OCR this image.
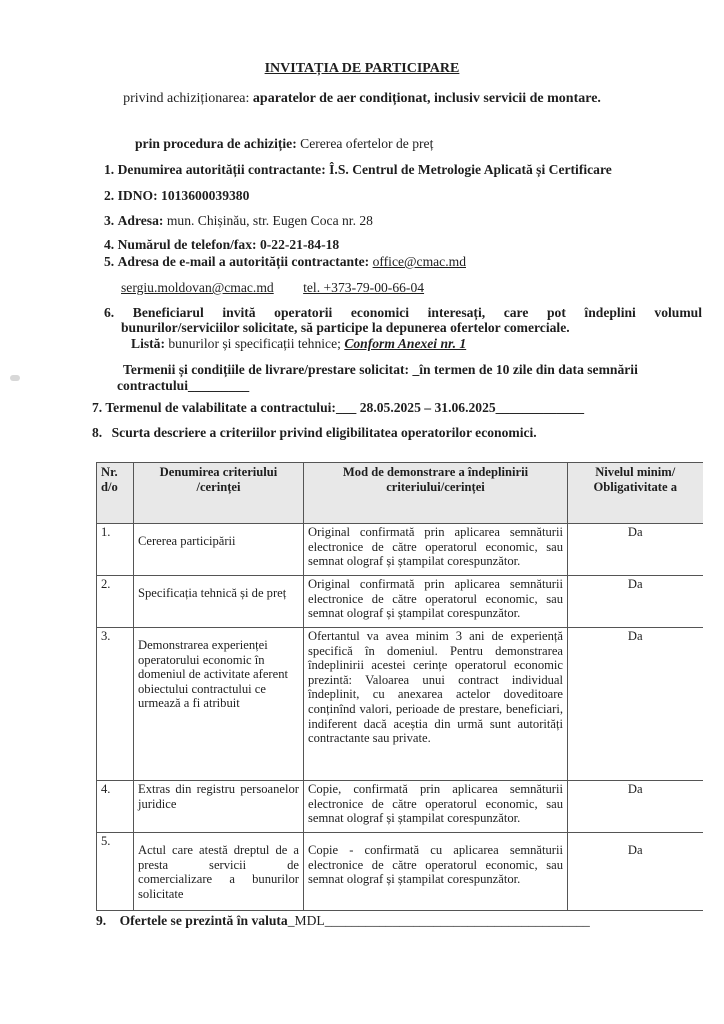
INVITAȚIA DE PARTICIPARE
privind achiziționarea: aparatelor de aer condiționat, inclusiv servicii de montare.
prin procedura de achiziție: Cererea ofertelor de preț
1. Denumirea autorității contractante: Î.S. Centrul de Metrologie Aplicată și Certificare
2. IDNO: 1013600039380
3. Adresa: mun. Chișinău, str. Eugen Coca nr. 28
4. Numărul de telefon/fax: 0-22-21-84-18
5. Adresa de e-mail a autorității contractante: office@cmac.md
sergiu.moldovan@cmac.md tel. +373-79-00-66-04
6. Beneficiarul invită operatorii economici interesați, care pot îndeplini volumul
bunurilor/serviciilor solicitate, să participe la depunerea ofertelor comerciale.
Listă: bunurilor și specificații tehnice; Conform Anexei nr. 1
Termenii și condițiile de livrare/prestare solicitat: _în termen de 10 zile din data semnării
contractului_________
7. Termenul de valabilitate a contractului:___ 28.05.2025 – 31.06.2025_____________
8. Scurta descriere a criteriilor privind eligibilitatea operatorilor economici.
Nr. d/o	Denumirea criteriului /cerinței	Mod de demonstrare a îndeplinirii criteriului/cerinței	Nivelul minim/ Obligativitate a
1.	Cererea participării	Original confirmată prin aplicarea semnăturii electronice de către operatorul economic, sau semnat olograf și ștampilat corespunzător.	Da
2.	Specificația tehnică și de preț	Original confirmată prin aplicarea semnăturii electronice de către operatorul economic, sau semnat olograf și ștampilat corespunzător.	Da
3.	Demonstrarea experienței operatorului economic în domeniul de activitate aferent obiectului contractului ce urmează a fi atribuit	Ofertantul va avea minim 3 ani de experiență specifică în domeniul. Pentru demonstrarea îndeplinirii acestei cerințe operatorul economic prezintă: Valoarea unui contract individual îndeplinit, cu anexarea actelor doveditoare conținînd valori, perioade de prestare, beneficiari, indiferent dacă aceștia din urmă sunt autorități contractante sau private.	Da
4.	Extras din registru persoanelor juridice	Copie, confirmată prin aplicarea semnăturii electronice de către operatorul economic, sau semnat olograf și ștampilat corespunzător.	Da
5.	Actul care atestă dreptul de a presta servicii de comercializare a bunurilor solicitate	Copie - confirmată cu aplicarea semnăturii electronice de către operatorul economic, sau semnat olograf și ștampilat corespunzător.	Da
9. Ofertele se prezintă în valuta_MDL_______________________________________
